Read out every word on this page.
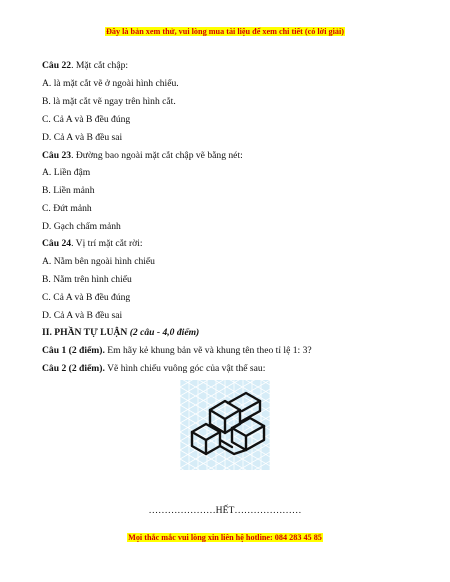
Đây là bản xem thử, vui lòng mua tài liệu để xem chi tiết (có lời giải)
Câu 22. Mặt cắt chập:
A. là mặt cắt vẽ ở ngoài hình chiếu.
B. là mặt cắt vẽ ngay trên hình cắt.
C. Cả A và B đều đúng
D. Cả A và B đều sai
Câu 23. Đường bao ngoài mặt cắt chập vẽ bằng nét:
A. Liền đậm
B. Liền mảnh
C. Đứt mảnh
D. Gạch chấm mảnh
Câu 24. Vị trí mặt cắt rời:
A. Nằm bên ngoài hình chiếu
B. Nằm trên hình chiếu
C. Cả A và B đều đúng
D. Cả A và B đều sai
II. PHẦN TỰ LUẬN (2 câu - 4,0 điểm)
Câu 1 (2 điểm). Em hãy kẻ khung bản vẽ và khung tên theo tỉ lệ 1: 3?
Câu 2 (2 điểm). Vẽ hình chiếu vuông góc của vật thể sau:
…………………HẾT…………………
Mọi thắc mắc vui lòng xin liên hệ hotline: 084 283 45 85
